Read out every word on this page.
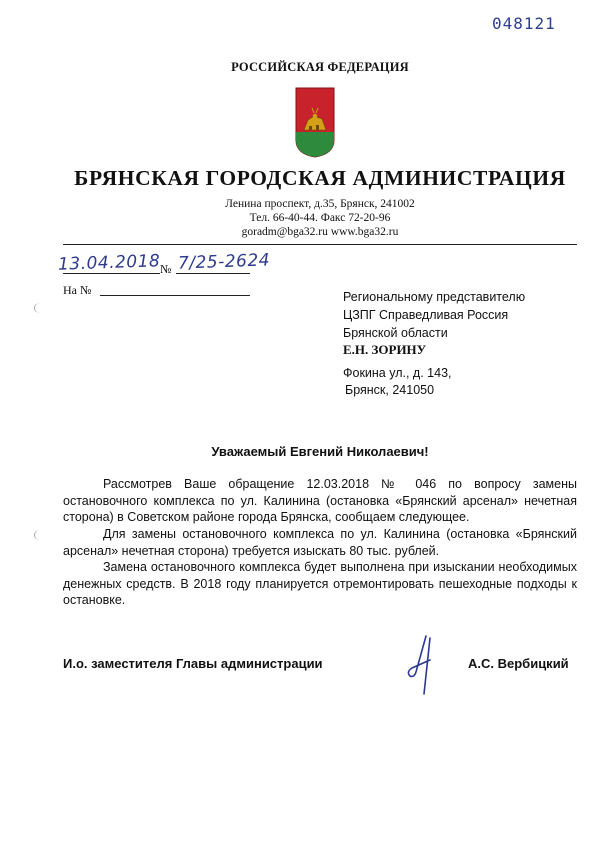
048121
РОССИЙСКАЯ ФЕДЕРАЦИЯ
БРЯНСКАЯ ГОРОДСКАЯ АДМИНИСТРАЦИЯ
Ленина проспект, д.35, Брянск, 241002
Тел. 66-40-44. Факс 72-20-96
goradm@bga32.ru www.bga32.ru
13.04.2018 № 7/25-2624
На №	Региональному представителю
ЦЗПГ Справедливая Россия
Брянской области
Е.Н. ЗОРИНУ
Фокина ул., д. 143,
Брянск, 241050
Уважаемый Евгений Николаевич!
Рассмотрев Ваше обращение 12.03.2018 № 046 по вопросу замены остановочного комплекса по ул. Калинина (остановка «Брянский арсенал» нечетная сторона) в Советском районе города Брянска, сообщаем следующее.
Для замены остановочного комплекса по ул. Калинина (остановка «Брянский арсенал» нечетная сторона) требуется изыскать 80 тыс. рублей.
Замена остановочного комплекса будет выполнена при изыскании необходимых денежных средств. В 2018 году планируется отремонтировать пешеходные подходы к остановке.
И.о. заместителя Главы администрации	А.С. Вербицкий
